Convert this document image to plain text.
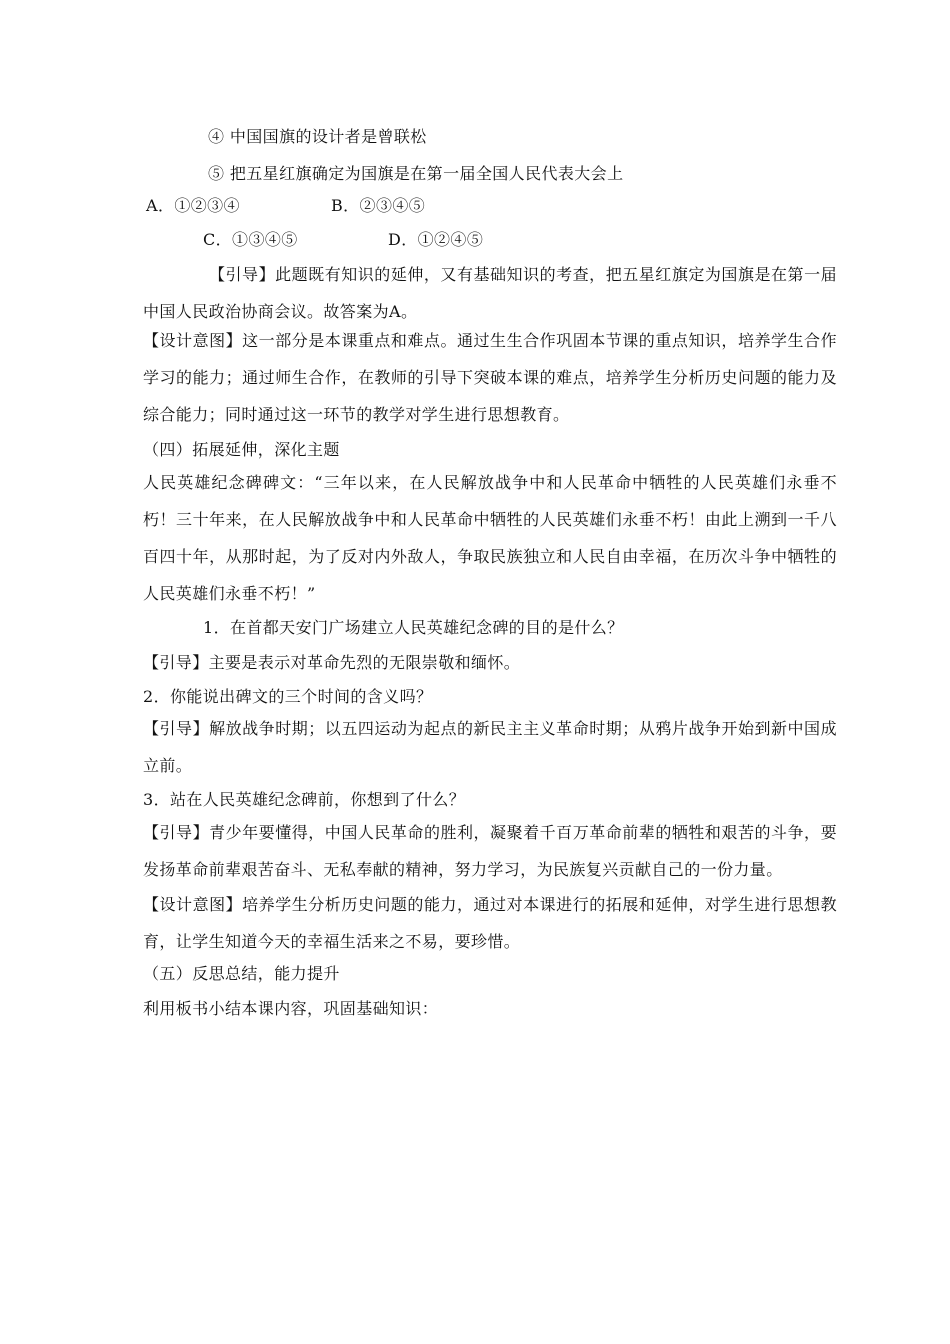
④ 中国国旗的设计者是曾联松
⑤ 把五星红旗确定为国旗是在第一届全国人民代表大会上
A．①②③④	B．②③④⑤
C．①③④⑤	D．①②④⑤
【引导】此题既有知识的延伸，又有基础知识的考查，把五星红旗定为国旗是在第一届中国人民政治协商会议。故答案为A。
【设计意图】这一部分是本课重点和难点。通过生生合作巩固本节课的重点知识，培养学生合作学习的能力；通过师生合作，在教师的引导下突破本课的难点，培养学生分析历史问题的能力及综合能力；同时通过这一环节的教学对学生进行思想教育。
（四）拓展延伸，深化主题
人民英雄纪念碑碑文：“三年以来，在人民解放战争中和人民革命中牺牲的人民英雄们永垂不朽！三十年来，在人民解放战争中和人民革命中牺牲的人民英雄们永垂不朽！由此上溯到一千八百四十年，从那时起，为了反对内外敌人，争取民族独立和人民自由幸福，在历次斗争中牺牲的人民英雄们永垂不朽！”
1．在首都天安门广场建立人民英雄纪念碑的目的是什么？
【引导】主要是表示对革命先烈的无限崇敬和缅怀。
2．你能说出碑文的三个时间的含义吗？
【引导】解放战争时期；以五四运动为起点的新民主主义革命时期；从鸦片战争开始到新中国成立前。
3．站在人民英雄纪念碑前，你想到了什么？
【引导】青少年要懂得，中国人民革命的胜利，凝聚着千百万革命前辈的牺牲和艰苦的斗争，要发扬革命前辈艰苦奋斗、无私奉献的精神，努力学习，为民族复兴贡献自己的一份力量。
【设计意图】培养学生分析历史问题的能力，通过对本课进行的拓展和延伸，对学生进行思想教育，让学生知道今天的幸福生活来之不易，要珍惜。
（五）反思总结，能力提升
利用板书小结本课内容，巩固基础知识：
